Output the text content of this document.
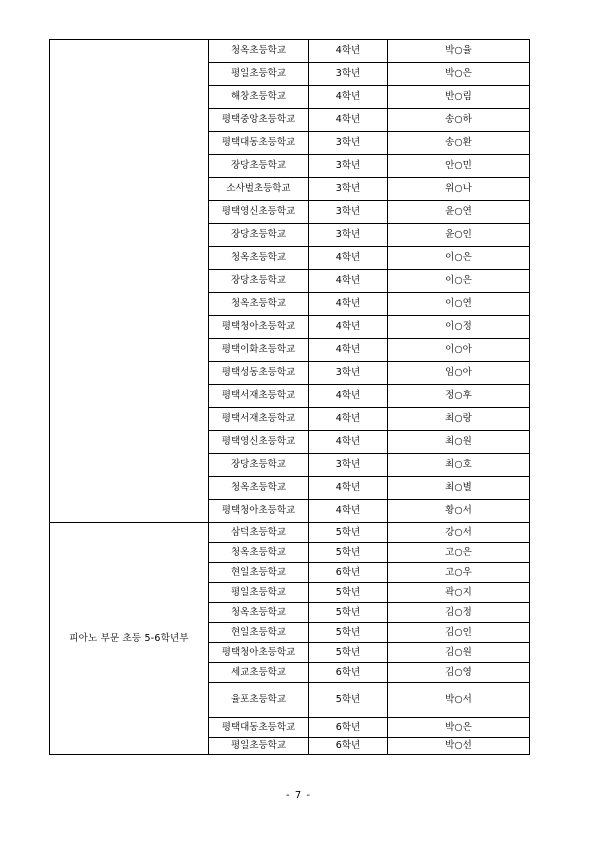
	청옥초등학교	4학년	박○율
	평일초등학교	3학년	박○은
	해창초등학교	4학년	반○림
	평택중앙초등학교	4학년	송○하
	평택대동초등학교	3학년	송○환
	장당초등학교	3학년	안○민
	소사벌초등학교	3학년	위○나
	평택영신초등학교	3학년	윤○연
	장당초등학교	3학년	윤○인
	청옥초등학교	4학년	이○은
	장당초등학교	4학년	이○은
	청옥초등학교	4학년	이○연
	평택청아초등학교	4학년	이○정
	평택이화초등학교	4학년	이○아
	평택성동초등학교	3학년	임○아
	평택서재초등학교	4학년	정○후
	평택서재초등학교	4학년	최○랑
	평택영신초등학교	4학년	최○원
	장당초등학교	3학년	최○호
	청옥초등학교	4학년	최○별
	평택청아초등학교	4학년	황○서
피아노 부문 초등 5-6학년부	삼덕초등학교	5학년	강○서
	청옥초등학교	5학년	고○은
	현일초등학교	6학년	고○우
	평일초등학교	5학년	곽○지
	청옥초등학교	5학년	김○정
	현일초등학교	5학년	김○인
	평택청아초등학교	5학년	김○원
	세교초등학교	6학년	김○영
	율포초등학교	5학년	박○서
	평택대동초등학교	6학년	박○은
	평일초등학교	6학년	박○선
- 7 -
